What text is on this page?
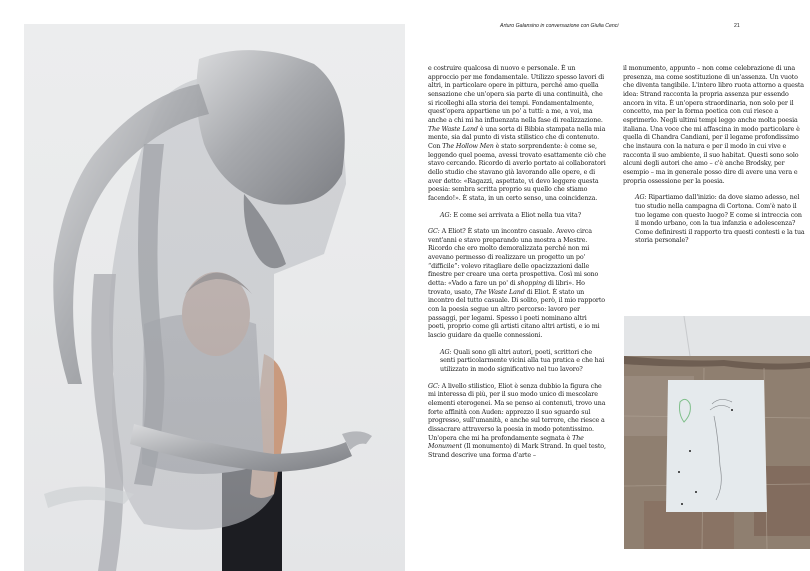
Arturo Galansino in conversazione con Giulia Cenci	21

e costruire qualcosa di nuovo e personale. È un approccio per me fondamentale. Utilizzo spesso lavori di altri, in particolare opere in pittura, perché amo quella sensazione che un'opera sia parte di una continuità, che si ricolleghi alla storia dei tempi. Fondamentalmente, quest'opera appartiene un po' a tutti: a me, a voi, ma anche a chi mi ha influenzata nella fase di realizzazione. The Waste Land è una sorta di Bibbia stampata nella mia mente, sia dal punto di vista stilistico che di contenuto. Con The Hollow Men è stato sorprendente: è come se, leggendo quel poema, avessi trovato esattamente ciò che stavo cercando. Ricordo di averlo portato ai collaboratori dello studio che stavano già lavorando alle opere, e di aver detto: «Ragazzi, aspettate, vi devo leggere questa poesia: sembra scritta proprio su quello che stiamo facendo!». È stata, in un certo senso, una coincidenza.

AG: E come sei arrivata a Eliot nella tua vita?

GC: A Eliot? È stato un incontro casuale. Avevo circa vent'anni e stavo preparando una mostra a Mestre. Ricordo che ero molto demoralizzata perché non mi avevano permesso di realizzare un progetto un po' “difficile”: volevo ritagliare delle opacizzazioni dalle finestre per creare una certa prospettiva. Così mi sono detta: «Vado a fare un po' di shopping di libri». Ho trovato, usato, The Waste Land di Eliot. È stato un incontro del tutto casuale. Di solito, però, il mio rapporto con la poesia segue un altro percorso: lavoro per passaggi, per legami. Spesso i poeti nominano altri poeti, proprio come gli artisti citano altri artisti, e io mi lascio guidare da quelle connessioni.

AG: Quali sono gli altri autori, poeti, scrittori che senti particolarmente vicini alla tua pratica e che hai utilizzato in modo significativo nel tuo lavoro?

GC: A livello stilistico, Eliot è senza dubbio la figura che mi interessa di più, per il suo modo unico di mescolare elementi eterogenei. Ma se penso ai contenuti, trovo una forte affinità con Auden: apprezzo il suo sguardo sul progresso, sull'umanità, e anche sul terrore, che riesce a dissacrare attraverso la poesia in modo potentissimo. Un'opera che mi ha profondamente segnata è The Monument (Il monumento) di Mark Strand. In quel testo, Strand descrive una forma d'arte –

il monumento, appunto – non come celebrazione di una presenza, ma come sostituzione di un'assenza. Un vuoto che diventa tangibile. L'intero libro ruota attorno a questa idea: Strand racconta la propria assenza pur essendo ancora in vita. È un'opera straordinaria, non solo per il concetto, ma per la forma poetica con cui riesce a esprimerlo. Negli ultimi tempi leggo anche molta poesia italiana. Una voce che mi affascina in modo particolare è quella di Chandra Candiani, per il legame profondissimo che instaura con la natura e per il modo in cui vive e racconta il suo ambiente, il suo habitat. Questi sono solo alcuni degli autori che amo – c'è anche Brodsky, per esempio – ma in generale posso dire di avere una vera e propria ossessione per la poesia.

AG: Ripartiamo dall'inizio: da dove siamo adesso, nel tuo studio nella campagna di Cortona. Com'è nato il tuo legame con questo luogo? E come si intreccia con il mondo urbano, con la tua infanzia e adolescenza? Come definiresti il rapporto tra questi contesti e la tua storia personale?
